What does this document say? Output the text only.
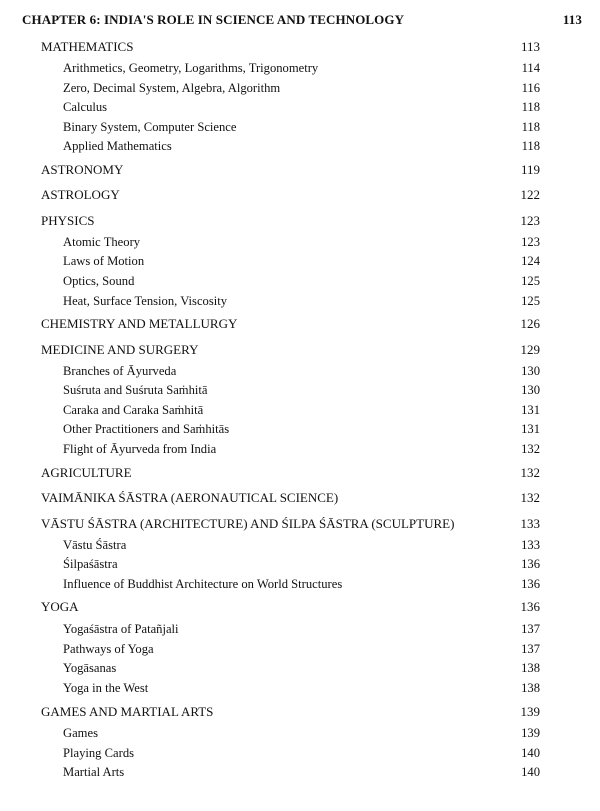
CHAPTER 6: INDIA'S ROLE IN SCIENCE AND TECHNOLOGY	113
MATHEMATICS	113
Arithmetics, Geometry, Logarithms, Trigonometry	114
Zero, Decimal System, Algebra, Algorithm	116
Calculus	118
Binary System, Computer Science	118
Applied Mathematics	118
ASTRONOMY	119
ASTROLOGY	122
PHYSICS	123
Atomic Theory	123
Laws of Motion	124
Optics, Sound	125
Heat, Surface Tension, Viscosity	125
CHEMISTRY AND METALLURGY	126
MEDICINE AND SURGERY	129
Branches of Āyurveda	130
Suśruta and Suśruta Saṁhitā	130
Caraka and Caraka Saṁhitā	131
Other Practitioners and Saṁhitās	131
Flight of Āyurveda from India	132
AGRICULTURE	132
VAIMĀNIKA ŚĀSTRA (AERONAUTICAL SCIENCE)	132
VĀSTU ŚĀSTRA (ARCHITECTURE) AND ŚILPA ŚĀSTRA (SCULPTURE)	133
Vāstu Śāstra	133
Śilpaśāstra	136
Influence of Buddhist Architecture on World Structures	136
YOGA	136
Yogaśāstra of Patañjali	137
Pathways of Yoga	137
Yogāsanas	138
Yoga in the West	138
GAMES AND MARTIAL ARTS	139
Games	139
Playing Cards	140
Martial Arts	140
